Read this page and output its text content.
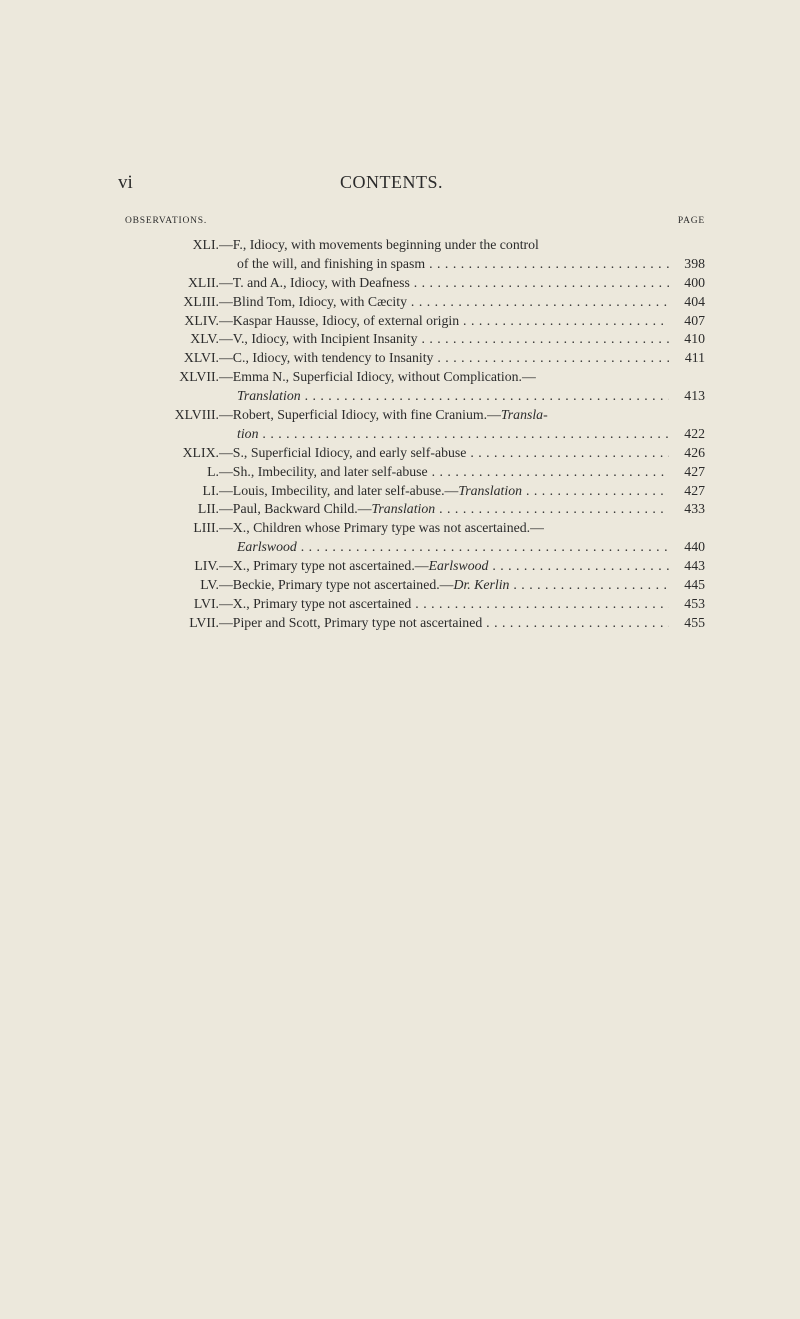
vi	CONTENTS.
OBSERVATIONS.	PAGE
XLI. —F., Idiocy, with movements beginning under the control
of the will, and finishing in spasm . . .	398
XLII. —T. and A., Idiocy, with Deafness . . .	400
XLIII. —Blind Tom, Idiocy, with Cæcity . . .	404
XLIV. —Kaspar Hausse, Idiocy, of external origin . . .	407
XLV. —V., Idiocy, with Incipient Insanity . . .	410
XLVI. —C., Idiocy, with tendency to Insanity . . .	411
XLVII. —Emma N., Superficial Idiocy, without Complication.—
Translation . . .	413
XLVIII. —Robert, Superficial Idiocy, with fine Cranium.—Transla-
tion . . .	422
XLIX. —S., Superficial Idiocy, and early self-abuse . . .	426
L. —Sh., Imbecility, and later self-abuse . . .	427
LI. —Louis, Imbecility, and later self-abuse.—Translation . . .	427
LII. —Paul, Backward Child.—Translation . . .	433
LIII. —X., Children whose Primary type was not ascertained.—
Earlswood . . .	440
LIV. —X., Primary type not ascertained.—Earlswood . . .	443
LV. —Beckie, Primary type not ascertained.—Dr. Kerlin . . .	445
LVI. —X., Primary type not ascertained . . .	453
LVII. —Piper and Scott, Primary type not ascertained . . .	455
